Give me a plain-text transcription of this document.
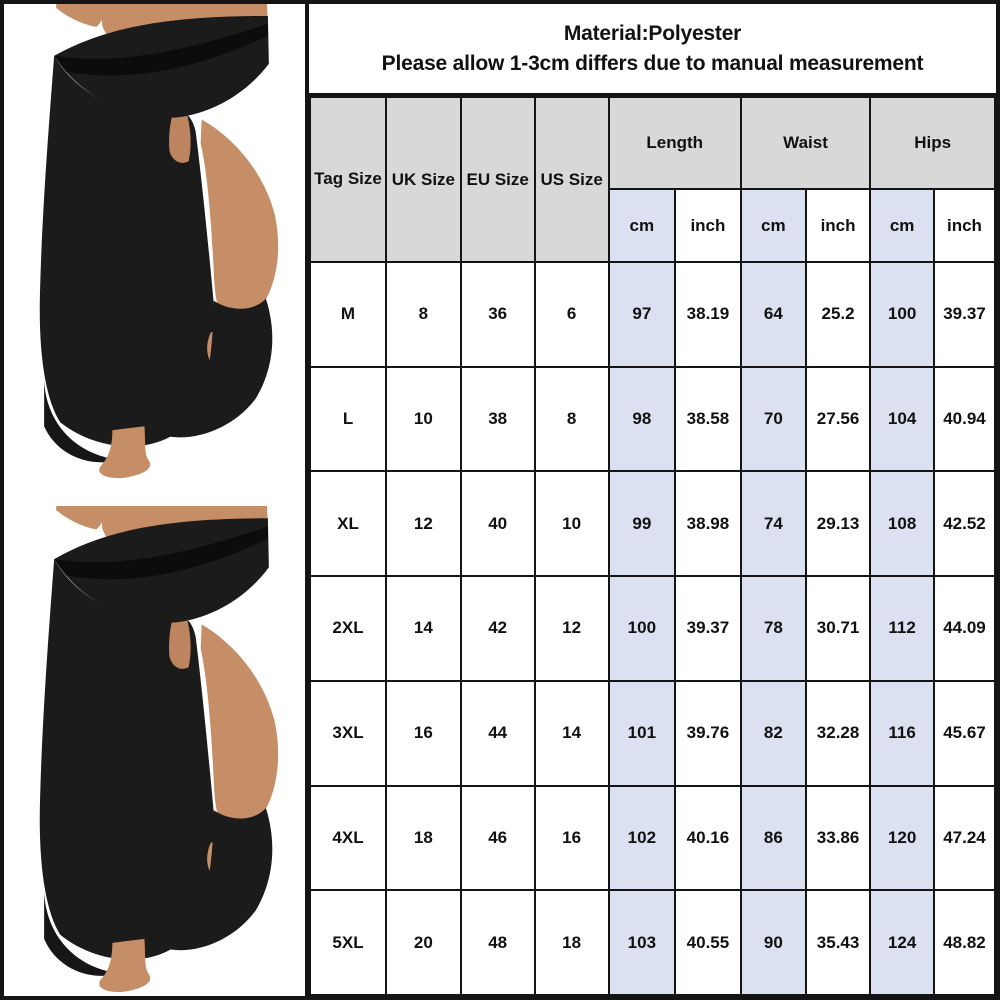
Material:Polyester
Please allow 1-3cm differs due to manual measurement
Tag Size	UK Size	EU Size	US Size	Length		Waist		Hips	
				cm	inch	cm	inch	cm	inch
M	8	36	6	97	38.19	64	25.2	100	39.37
L	10	38	8	98	38.58	70	27.56	104	40.94
XL	12	40	10	99	38.98	74	29.13	108	42.52
2XL	14	42	12	100	39.37	78	30.71	112	44.09
3XL	16	44	14	101	39.76	82	32.28	116	45.67
4XL	18	46	16	102	40.16	86	33.86	120	47.24
5XL	20	48	18	103	40.55	90	35.43	124	48.82
